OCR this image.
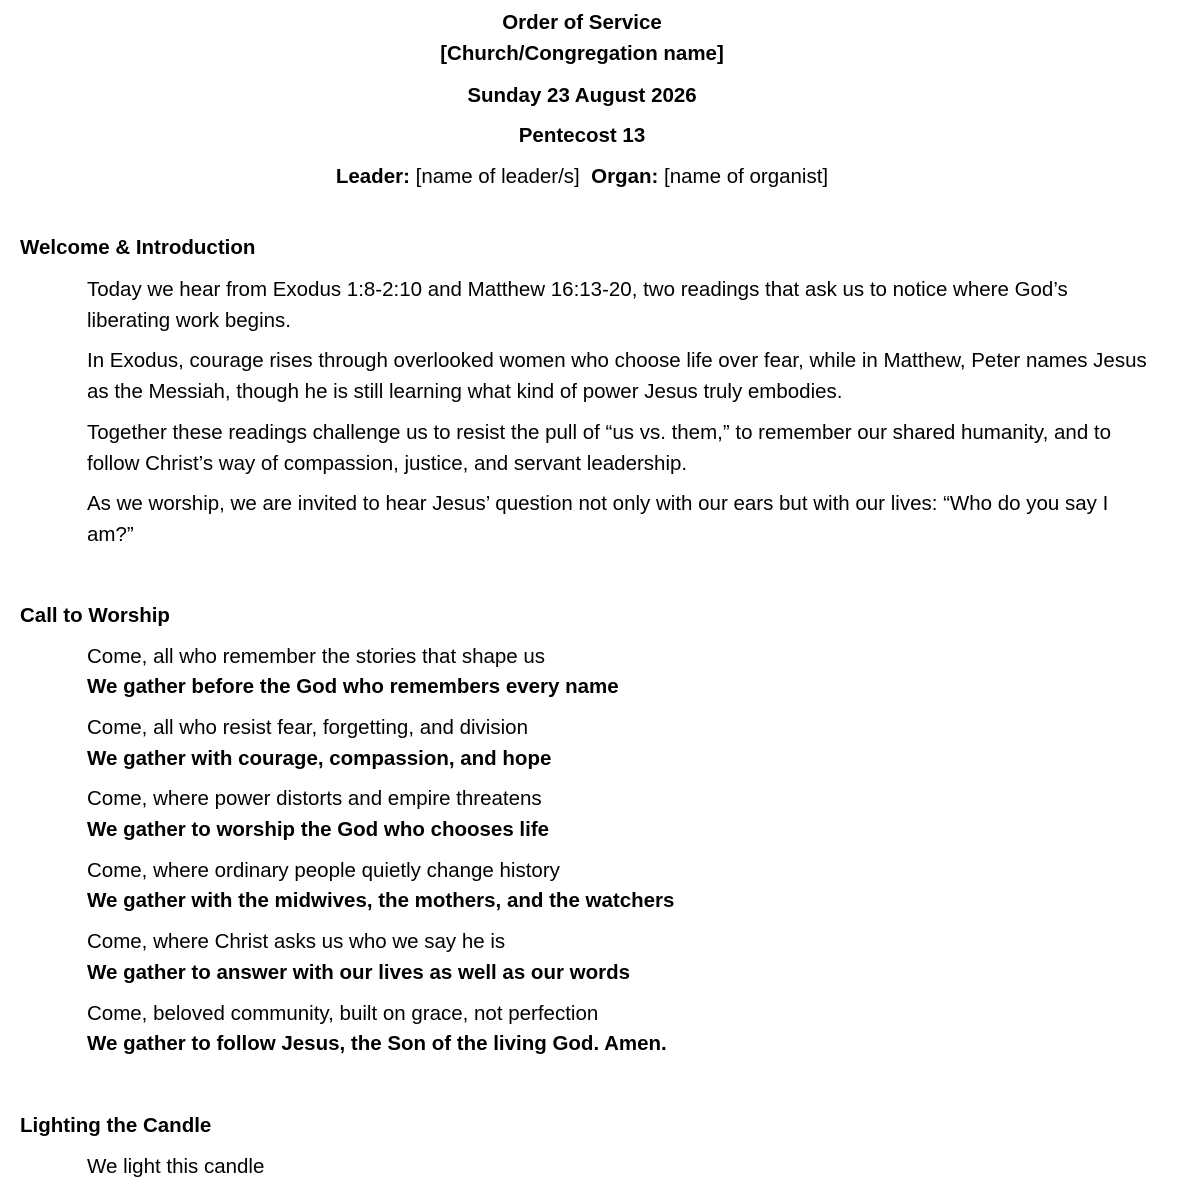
Order of Service
[Church/Congregation name]
Sunday 23 August 2026
Pentecost 13
Leader: [name of leader/s] Organ: [name of organist]
Welcome & Introduction

Today we hear from Exodus 1:8-2:10 and Matthew 16:13-20, two readings that ask us to notice where God’s liberating work begins.

In Exodus, courage rises through overlooked women who choose life over fear, while in Matthew, Peter names Jesus as the Messiah, though he is still learning what kind of power Jesus truly embodies.

Together these readings challenge us to resist the pull of “us vs. them,” to remember our shared humanity, and to follow Christ’s way of compassion, justice, and servant leadership.

As we worship, we are invited to hear Jesus’ question not only with our ears but with our lives: “Who do you say I am?”

Call to Worship
Come, all who remember the stories that shape us
We gather before the God who remembers every name
Come, all who resist fear, forgetting, and division
We gather with courage, compassion, and hope
Come, where power distorts and empire threatens
We gather to worship the God who chooses life
Come, where ordinary people quietly change history
We gather with the midwives, the mothers, and the watchers
Come, where Christ asks us who we say he is
We gather to answer with our lives as well as our words
Come, beloved community, built on grace, not perfection
We gather to follow Jesus, the Son of the living God. Amen.
Lighting the Candle
We light this candle
